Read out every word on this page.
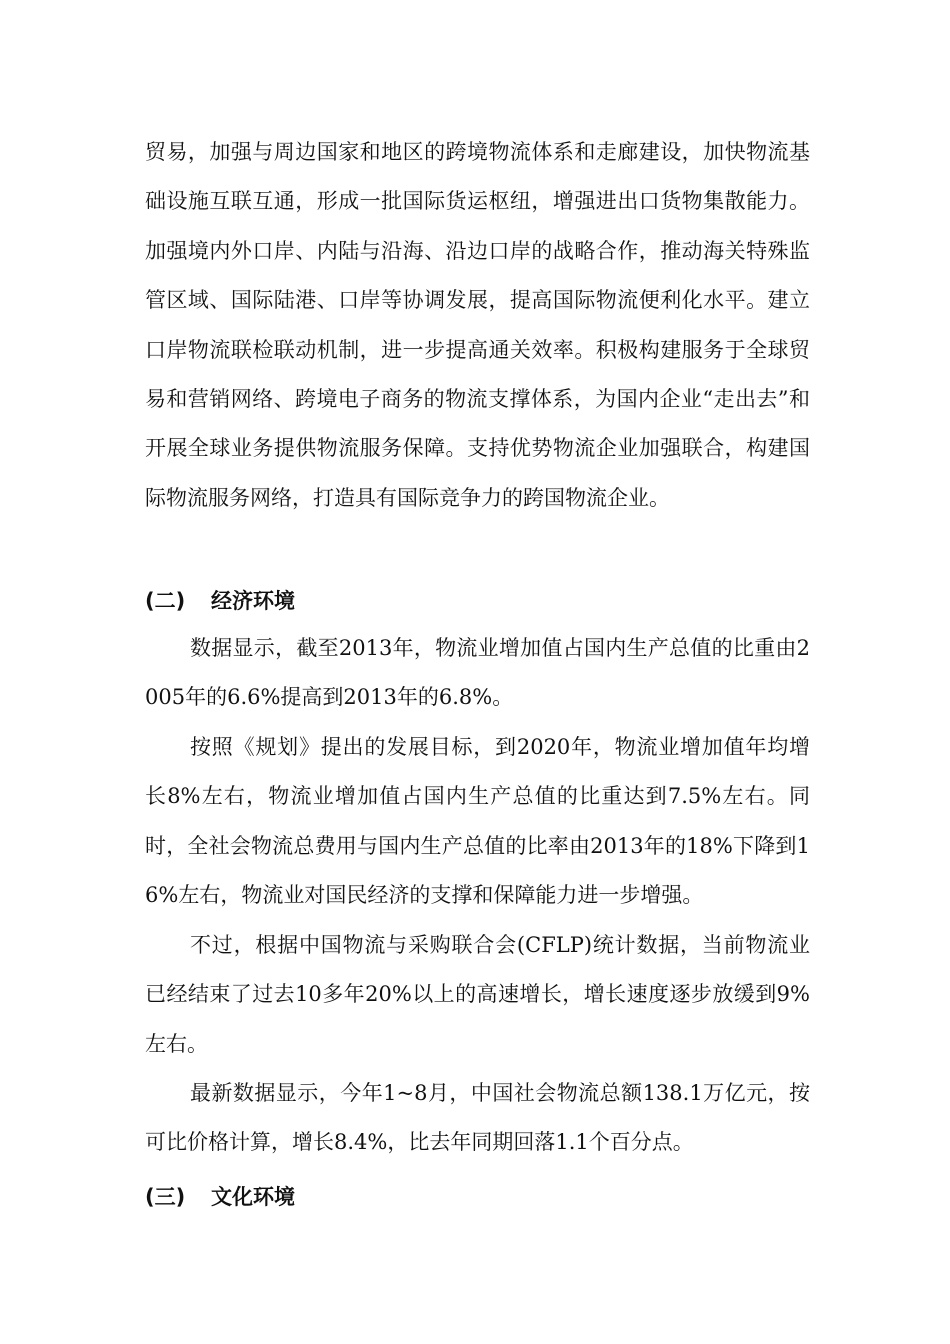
贸易，加强与周边国家和地区的跨境物流体系和走廊建设，加快物流基础设施互联互通，形成一批国际货运枢纽，增强进出口货物集散能力。加强境内外口岸、内陆与沿海、沿边口岸的战略合作，推动海关特殊监管区域、国际陆港、口岸等协调发展，提高国际物流便利化水平。建立口岸物流联检联动机制，进一步提高通关效率。积极构建服务于全球贸易和营销网络、跨境电子商务的物流支撑体系，为国内企业“走出去”和开展全球业务提供物流服务保障。支持优势物流企业加强联合，构建国际物流服务网络，打造具有国际竞争力的跨国物流企业。

(二) 经济环境

数据显示，截至2013年，物流业增加值占国内生产总值的比重由2005年的6.6%提高到2013年的6.8%。

按照《规划》提出的发展目标，到2020年，物流业增加值年均增长8%左右，物流业增加值占国内生产总值的比重达到7.5%左右。同时，全社会物流总费用与国内生产总值的比率由2013年的18%下降到16%左右，物流业对国民经济的支撑和保障能力进一步增强。

不过，根据中国物流与采购联合会(CFLP)统计数据，当前物流业已经结束了过去10多年20%以上的高速增长，增长速度逐步放缓到9%左右。

最新数据显示，今年1~8月，中国社会物流总额138.1万亿元，按可比价格计算，增长8.4%，比去年同期回落1.1个百分点。

(三) 文化环境
